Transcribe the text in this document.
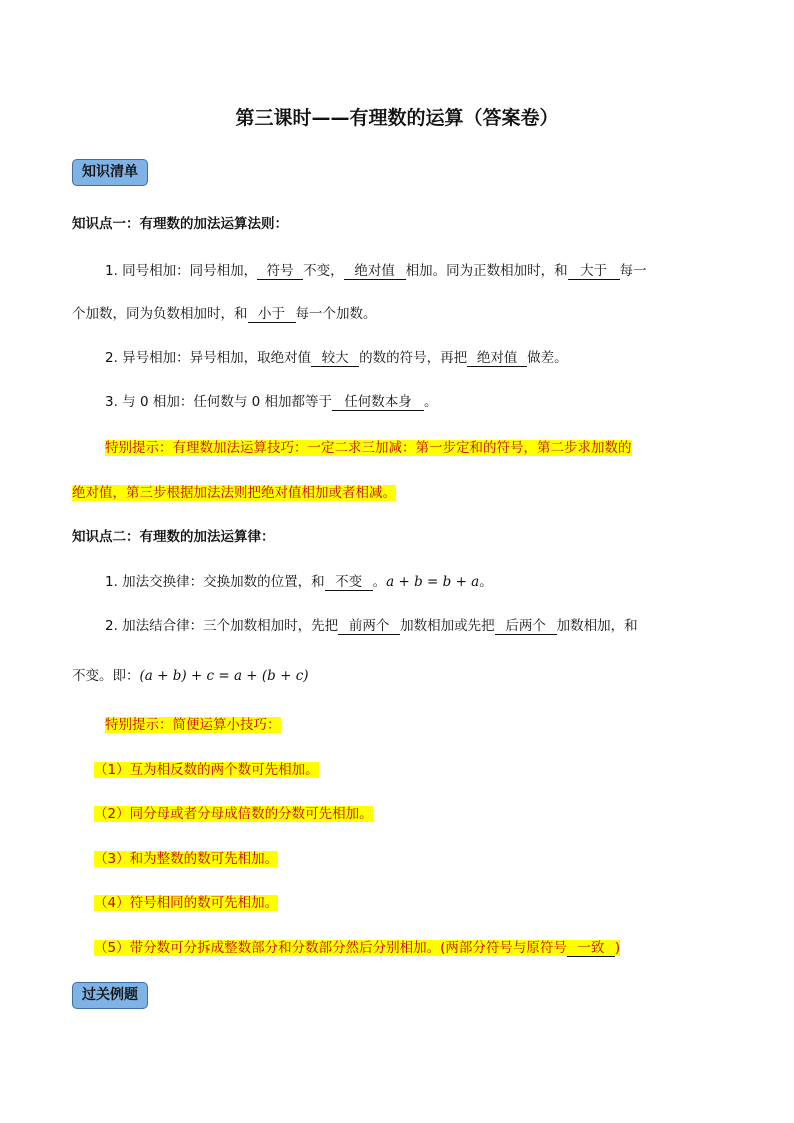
第三课时——有理数的运算（答案卷）
知识清单
知识点一：有理数的加法运算法则：
1. 同号相加：同号相加， 符号 不变， 绝对值 相加。同为正数相加时，和 大于 每一
个加数，同为负数相加时，和 小于 每一个加数。
2. 异号相加：异号相加，取绝对值 较大 的数的符号，再把 绝对值 做差。
3. 与 0 相加：任何数与 0 相加都等于 任何数本身 。
特别提示：有理数加法运算技巧：一定二求三加减：第一步定和的符号，第二步求加数的
绝对值，第三步根据加法法则把绝对值相加或者相减。
知识点二：有理数的加法运算律：
1. 加法交换律：交换加数的位置，和 不变 。a + b = b + a。
2. 加法结合律：三个加数相加时，先把 前两个 加数相加或先把 后两个 加数相加，和
不变。即：(a + b) + c = a + (b + c)
特别提示：简便运算小技巧：
（1）互为相反数的两个数可先相加。
（2）同分母或者分母成倍数的分数可先相加。
（3）和为整数的数可先相加。
（4）符号相同的数可先相加。
（5）带分数可分拆成整数部分和分数部分然后分别相加。(两部分符号与原符号 一致 )
过关例题
